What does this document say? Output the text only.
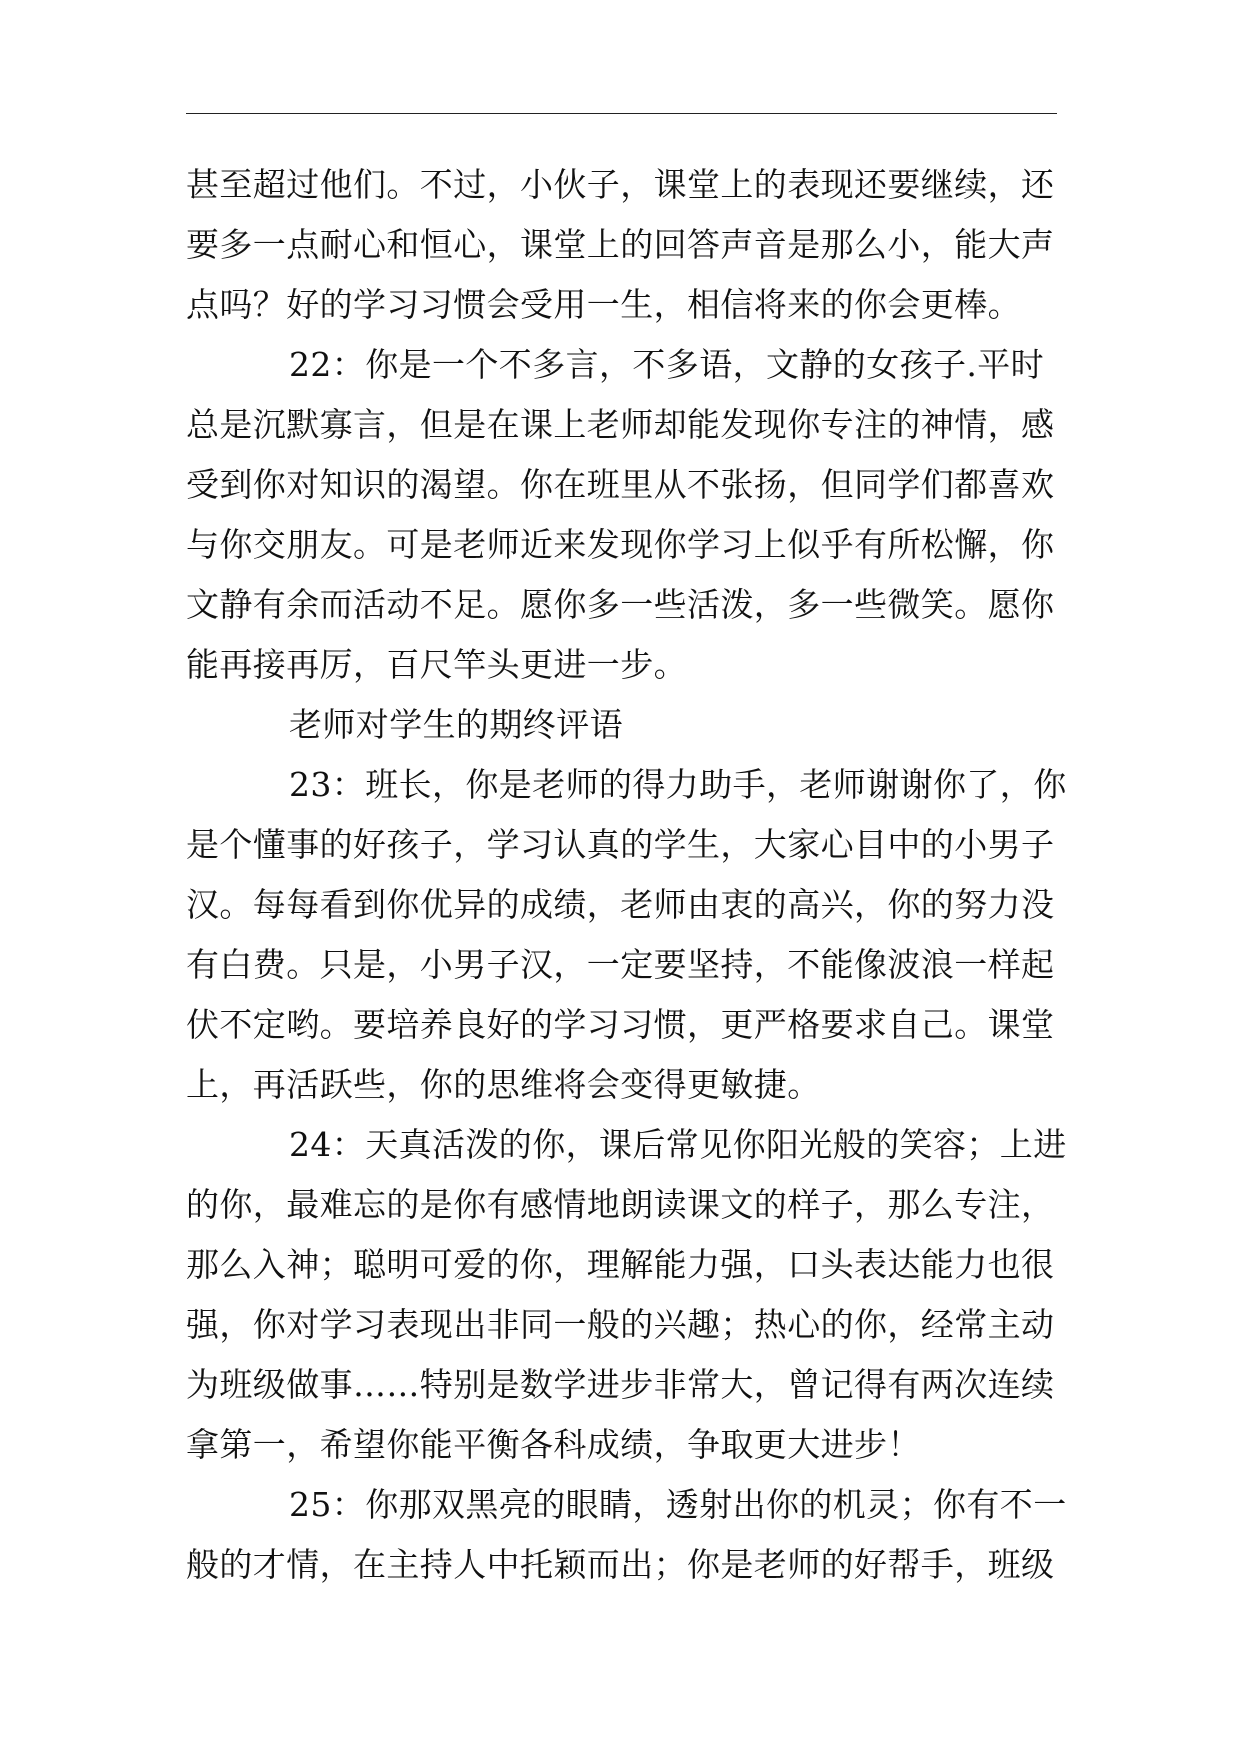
甚至超过他们。不过，小伙子，课堂上的表现还要继续，还
要多一点耐心和恒心，课堂上的回答声音是那么小，能大声
点吗？好的学习习惯会受用一生，相信将来的你会更棒。
22：你是一个不多言，不多语，文静的女孩子.平时
总是沉默寡言，但是在课上老师却能发现你专注的神情，感
受到你对知识的渴望。你在班里从不张扬，但同学们都喜欢
与你交朋友。可是老师近来发现你学习上似乎有所松懈，你
文静有余而活动不足。愿你多一些活泼，多一些微笑。愿你
能再接再厉，百尺竿头更进一步。
老师对学生的期终评语
23：班长，你是老师的得力助手，老师谢谢你了，你
是个懂事的好孩子，学习认真的学生，大家心目中的小男子
汉。每每看到你优异的成绩，老师由衷的高兴，你的努力没
有白费。只是，小男子汉，一定要坚持，不能像波浪一样起
伏不定哟。要培养良好的学习习惯，更严格要求自己。课堂
上，再活跃些，你的思维将会变得更敏捷。
24：天真活泼的你，课后常见你阳光般的笑容；上进
的你，最难忘的是你有感情地朗读课文的样子，那么专注，
那么入神；聪明可爱的你，理解能力强，口头表达能力也很
强，你对学习表现出非同一般的兴趣；热心的你，经常主动
为班级做事……特别是数学进步非常大，曾记得有两次连续
拿第一，希望你能平衡各科成绩，争取更大进步！
25：你那双黑亮的眼睛，透射出你的机灵；你有不一
般的才情，在主持人中托颖而出；你是老师的好帮手，班级
